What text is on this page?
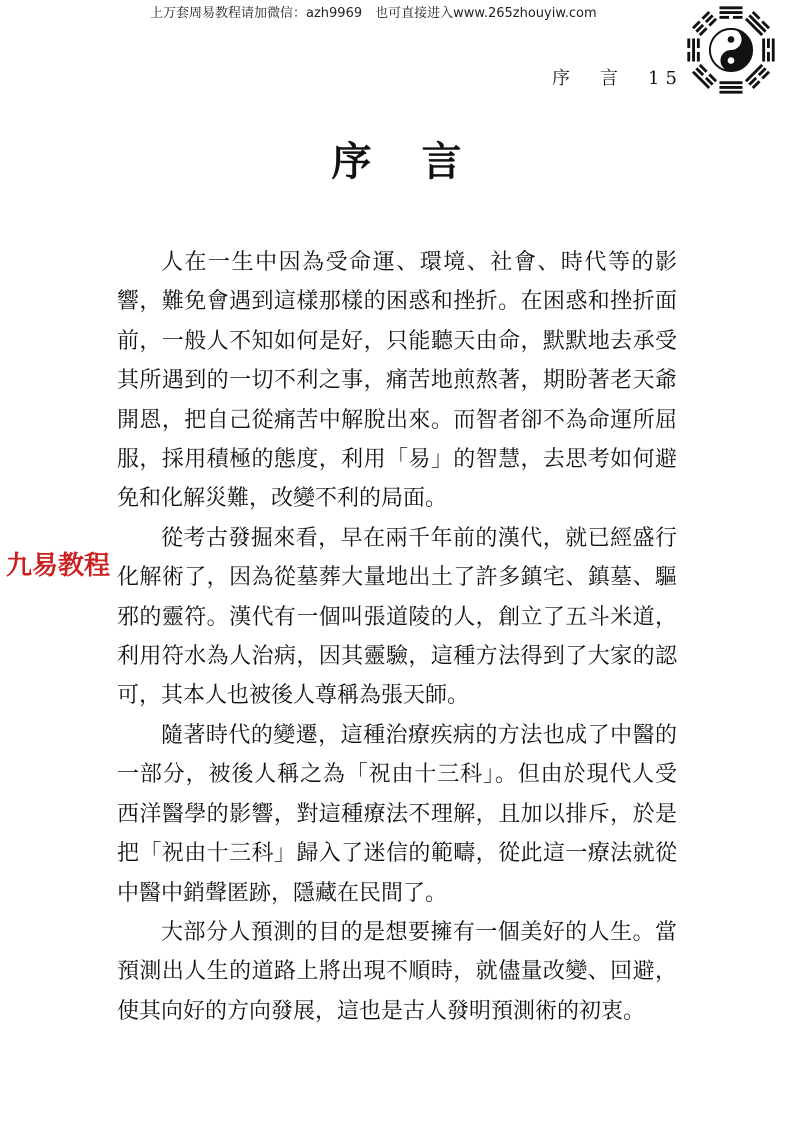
上万套周易教程请加微信：azh9969　也可直接进入www.265zhouyiw.com
序　言　15
序言

人在一生中因為受命運、環境、社會、時代等的影響，難免會遇到這樣那樣的困惑和挫折。在困惑和挫折面前，一般人不知如何是好，只能聽天由命，默默地去承受其所遇到的一切不利之事，痛苦地煎熬著，期盼著老天爺開恩，把自己從痛苦中解脫出來。而智者卻不為命運所屈服，採用積極的態度，利用「易」的智慧，去思考如何避免和化解災難，改變不利的局面。

從考古發掘來看，早在兩千年前的漢代，就已經盛行化解術了，因為從墓葬大量地出土了許多鎮宅、鎮墓、驅邪的靈符。漢代有一個叫張道陵的人，創立了五斗米道，利用符水為人治病，因其靈驗，這種方法得到了大家的認可，其本人也被後人尊稱為張天師。

隨著時代的變遷，這種治療疾病的方法也成了中醫的一部分，被後人稱之為「祝由十三科」。但由於現代人受西洋醫學的影響，對這種療法不理解，且加以排斥，於是把「祝由十三科」歸入了迷信的範疇，從此這一療法就從中醫中銷聲匿跡，隱藏在民間了。

大部分人預測的目的是想要擁有一個美好的人生。當預測出人生的道路上將出現不順時，就儘量改變、回避，使其向好的方向發展，這也是古人發明預測術的初衷。

九易教程
